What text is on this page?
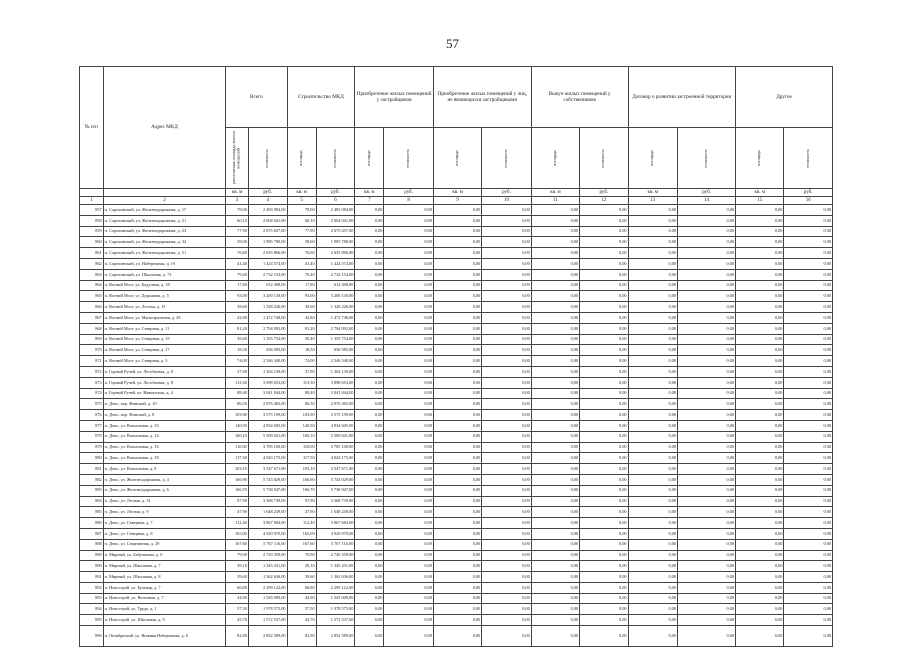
57
№ п/п	Адрес МКД	Всего		Строительство МКД		Приобретение жилых помещений у застройщиков		Приобретение жилых помещений у лиц, не являющихся застройщиками		Выкуп жилых помещений у собственников		Договор о развитии застроенной территории		Другое	

		расселяемая площадь жилых помещений	стоимость	площадь	стоимость	площадь	стоимость	площадь	стоимость	площадь	стоимость	площадь	стоимость	площадь	стоимость

		кв. м	руб.	кв. м	руб.	кв. м	руб.	кв. м	руб.	кв. м	руб.	кв. м	руб.	кв. м	руб.
1	2	3	4	5	6	7	8	9	10	11	12	13	14	15	16
857	п. Сорочинский, ул. Железнодорожная, д. 17	78,00	2 483 984,00	78,00	2 483 984,00	0,00	0,00	0,00	0,00	0,00	0,00	0,00	0,00	0,00	0,00
858	п. Сорочинский, ул. Железнодорожная, д. 21	60,10	2 004 041,00	60,10	2 004 041,00	0,00	0,00	0,00	0,00	0,00	0,00	0,00	0,00	0,00	0,00
859	п. Сорочинский, ул. Железнодорожная, д. 23	77,90	2 675 657,00	77,90	2 675 657,00	0,00	0,00	0,00	0,00	0,00	0,00	0,00	0,00	0,00	0,00
860	п. Сорочинский, ул. Железнодорожная, д. 32	58,00	1 985 780,00	58,00	1 985 780,00	0,00	0,00	0,00	0,00	0,00	0,00	0,00	0,00	0,00	0,00
861	п. Сорочинский, ул. Железнодорожная, д. 51	76,60	2 635 866,00	76,60	2 635 866,00	0,00	0,00	0,00	0,00	0,00	0,00	0,00	0,00	0,00	0,00
862	п. Сорочинский, ул. Набережная, д. 19	41,40	1 424 574,00	41,40	1 424 574,00	0,00	0,00	0,00	0,00	0,00	0,00	0,00	0,00	0,00	0,00
863	п. Сорочинский, ул. Школьная, д. 73	79,40	2 732 154,00	79,40	2 732 154,00	0,00	0,00	0,00	0,00	0,00	0,00	0,00	0,00	0,00	0,00
864	п. Вогний Мост, ул. Бодучная, д. 18	17,80	612 498,00	17,80	612 498,00	0,00	0,00	0,00	0,00	0,00	0,00	0,00	0,00	0,00	0,00
865	п. Вогний Мост, ул. Дорожная, д. 5	93,00	3 200 130,00	93,00	3 200 130,00	0,00	0,00	0,00	0,00	0,00	0,00	0,00	0,00	0,00	0,00
866	п. Вогний Мост, ул. Лесная, д. 15	38,60	1 328 226,00	38,60	1 328 226,00	0,00	0,00	0,00	0,00	0,00	0,00	0,00	0,00	0,00	0,00
867	п. Вогний Мост, ул. Магистральная, д. 29	42,80	1 472 748,00	42,80	1 472 748,00	0,00	0,00	0,00	0,00	0,00	0,00	0,00	0,00	0,00	0,00
868	п. Вогний Мост, ул. Северная, д. 11	81,20	2 794 092,00	81,20	2 794 092,00	0,00	0,00	0,00	0,00	0,00	0,00	0,00	0,00	0,00	0,00
869	п. Вогний Мост, ул. Северная, д. 15	39,40	1 355 754,00	39,40	1 355 754,00	0,00	0,00	0,00	0,00	0,00	0,00	0,00	0,00	0,00	0,00
870	п. Вогний Мост, ул. Северная, д. 17	18,50	636 585,00	18,50	636 585,00	0,00	0,00	0,00	0,00	0,00	0,00	0,00	0,00	0,00	0,00
871	п. Вогний Мост, ул. Северная, д. 3	74,00	2 546 340,00	74,00	2 546 340,00	0,00	0,00	0,00	0,00	0,00	0,00	0,00	0,00	0,00	0,00
872	п. Горный Ручей, ул. Лесобазная, д. 8	37,90	1 304 139,00	37,90	1 304 139,00	0,00	0,00	0,00	0,00	0,00	0,00	0,00	0,00	0,00	0,00
873	п. Горный Ручей, ул. Лесобазная, д. 8	113,30	3 898 653,00	113,30	3 898 653,00	0,00	0,00	0,00	0,00	0,00	0,00	0,00	0,00	0,00	0,00
874	п. Горный Ручей, ул. Навьятская, д. 4	88,40	3 041 844,00	88,40	3 041 844,00	0,00	0,00	0,00	0,00	0,00	0,00	0,00	0,00	0,00	0,00
875	п. Депо, пер. Финский, д. 10	86,50	2 976 465,00	86,50	2 976 465,00	0,00	0,00	0,00	0,00	0,00	0,00	0,00	0,00	0,00	0,00
876	п. Депо, пер. Финский, д. 8	103,90	3 575 199,00	103,90	3 575 199,00	0,00	0,00	0,00	0,00	0,00	0,00	0,00	0,00	0,00	0,00
877	п. Депо, ул. Вокзальная, д. 10	140,50	4 834 605,00	140,50	4 834 605,00	0,00	0,00	0,00	0,00	0,00	0,00	0,00	0,00	0,00	0,00
878	п. Депо, ул. Вокзальная, д. 14	160,10	5 509 041,00	160,10	5 509 041,00	0,00	0,00	0,00	0,00	0,00	0,00	0,00	0,00	0,00	0,00
879	п. Депо, ул. Вокзальная, д. 16	110,00	3 785 100,00	110,00	3 785 100,00	0,00	0,00	0,00	0,00	0,00	0,00	0,00	0,00	0,00	0,00
880	п. Депо, ул. Вокзальная, д. 18	117,50	4 043 175,00	117,50	4 043 175,00	0,00	0,00	0,00	0,00	0,00	0,00	0,00	0,00	0,00	0,00
881	п. Депо, ул. Вокзальная, д. 8	103,10	3 547 671,00	103,10	3 547 671,00	0,00	0,00	0,00	0,00	0,00	0,00	0,00	0,00	0,00	0,00
882	п. Депо, ул. Железнодорожная, д. 4	166,90	5 743 029,00	166,90	5 743 029,00	0,00	0,00	0,00	0,00	0,00	0,00	0,00	0,00	0,00	0,00
883	п. Депо, ул. Железнодорожная, д. 6	166,70	5 738 947,00	166,70	5 738 947,00	0,00	0,00	0,00	0,00	0,00	0,00	0,00	0,00	0,00	0,00
884	п. Депо, ул. Лесная, д. 31	97,90	3 368 739,00	97,90	3 368 739,00	0,00	0,00	0,00	0,00	0,00	0,00	0,00	0,00	0,00	0,00
885	п. Депо, ул. Лесная, д. 9	47,90	1 648 239,00	47,90	1 648 239,00	0,00	0,00	0,00	0,00	0,00	0,00	0,00	0,00	0,00	0,00
886	п. Депо, ул. Северная, д. 7	112,40	3 867 684,00	112,40	3 867 684,00	0,00	0,00	0,00	0,00	0,00	0,00	0,00	0,00	0,00	0,00
887	п. Депо, ул. Северная, д. 8	165,00	4 920 970,00	165,00	4 920 970,00	0,00	0,00	0,00	0,00	0,00	0,00	0,00	0,00	0,00	0,00
888	п. Депо, ул. Спортивная, д. 29	167,60	5 767 116,00	167,60	5 767 116,00	0,00	0,00	0,00	0,00	0,00	0,00	0,00	0,00	0,00	0,00
889	п. Мирный, ул. Бабушкина, д. 6	79,90	2 749 359,00	79,90	2 749 359,00	0,00	0,00	0,00	0,00	0,00	0,00	0,00	0,00	0,00	0,00
890	п. Мирный, ул. Школьная, д. 7	39,10	1 345 431,00	39,10	1 345 431,00	0,00	0,00	0,00	0,00	0,00	0,00	0,00	0,00	0,00	0,00
891	п. Мирный, ул. Школьная, д. 8	39,60	1 362 636,00	39,60	1 362 636,00	0,00	0,00	0,00	0,00	0,00	0,00	0,00	0,00	0,00	0,00
892	п. Новострой, ул. Бульвар, д. 7	66,80	2 299 122,00	66,80	2 299 122,00	0,00	0,00	0,00	0,00	0,00	0,00	0,00	0,00	0,00	0,00
893	п. Новострой, ул. Вогичная, д. 7	44,90	1 545 009,00	44,90	1 545 009,00	0,00	0,00	0,00	0,00	0,00	0,00	0,00	0,00	0,00	0,00
894	п. Новострой, ул. Труда, д. 1	57,50	1 978 575,00	57,50	1 978 575,00	0,00	0,00	0,00	0,00	0,00	0,00	0,00	0,00	0,00	0,00
895	п. Новострой, ул. Школьная, д. 9	45,70	1 572 537,00	45,70	1 572 537,00	0,00	0,00	0,00	0,00	0,00	0,00	0,00	0,00	0,00	0,00
896	п. Октябрьский, ул. Нижняя Набережная, д. 6	82,90	2 852 589,00	82,90	2 852 589,00	0,00	0,00	0,00	0,00	0,00	0,00	0,00	0,00	0,00	0,00
